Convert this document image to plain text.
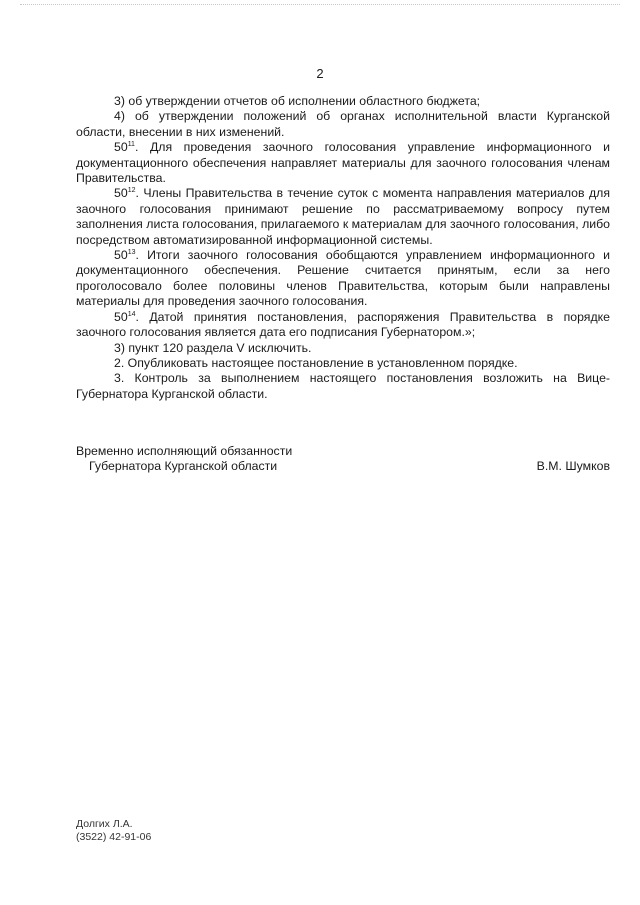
2

3) об утверждении отчетов об исполнении областного бюджета;

4) об утверждении положений об органах исполнительной власти Курганской области, внесении в них изменений.

$50^{11}$. Для проведения заочного голосования управление информационного и документационного обеспечения направляет материалы для заочного голосования членам Правительства.

$50^{12}$. Члены Правительства в течение суток с момента направления материалов для заочного голосования принимают решение по рассматриваемому вопросу путем заполнения листа голосования, прилагаемого к материалам для заочного голосования, либо посредством автоматизированной информационной системы.

$50^{13}$. Итоги заочного голосования обобщаются управлением информационного и документационного обеспечения. Решение считается принятым, если за него проголосовало более половины членов Правительства, которым были направлены материалы для проведения заочного голосования.

$50^{14}$. Датой принятия постановления, распоряжения Правительства в порядке заочного голосования является дата его подписания Губернатором.»;

3) пункт 120 раздела V исключить.

2. Опубликовать настоящее постановление в установленном порядке.

3. Контроль за выполнением настоящего постановления возложить на Вице-Губернатора Курганской области.

Временно исполняющий обязанности
Губернатора Курганской области	В.М. Шумков
Долгих Л.А.
(3522) 42-91-06
